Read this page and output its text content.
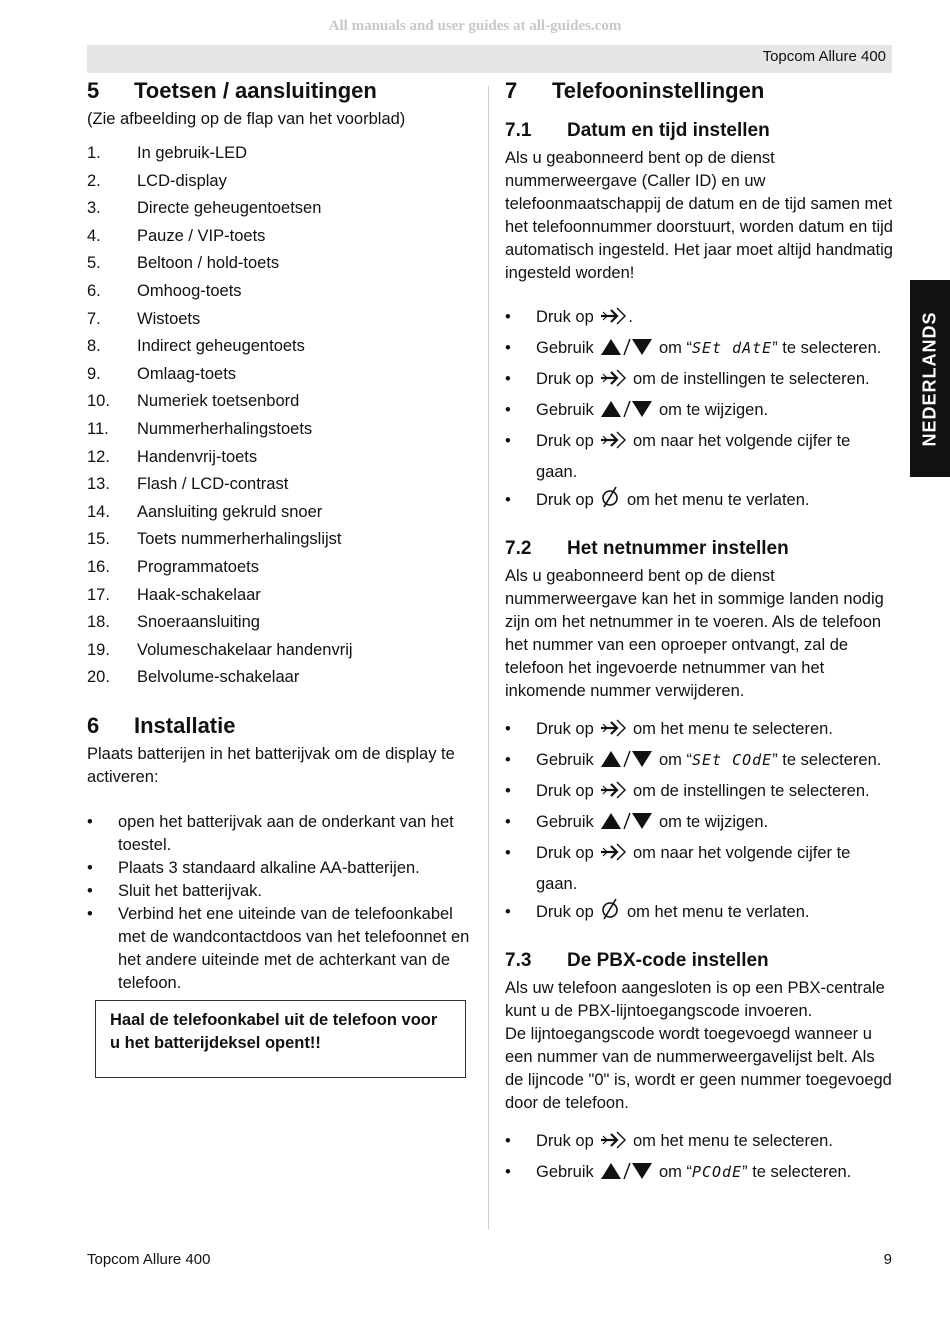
All manuals and user guides at all-guides.com
Topcom Allure 400
5 Toetsen / aansluitingen
(Zie afbeelding op de flap van het voorblad)
1. In gebruik-LED
2. LCD-display
3. Directe geheugentoetsen
4. Pauze / VIP-toets
5. Beltoon / hold-toets
6. Omhoog-toets
7. Wistoets
8. Indirect geheugentoets
9. Omlaag-toets
10. Numeriek toetsenbord
11. Nummerherhalingstoets
12. Handenvrij-toets
13. Flash / LCD-contrast
14. Aansluiting gekruld snoer
15. Toets nummerherhalingslijst
16. Programmatoets
17. Haak-schakelaar
18. Snoeraansluiting
19. Volumeschakelaar handenvrij
20. Belvolume-schakelaar
6 Installatie
Plaats batterijen in het batterijvak om de display te activeren:
• open het batterijvak aan de onderkant van het toestel.
• Plaats 3 standaard alkaline AA-batterijen.
• Sluit het batterijvak.
• Verbind het ene uiteinde van de telefoonkabel met de wandcontactdoos van het telefoonnet en het andere uiteinde met de achterkant van de telefoon.
Haal de telefoonkabel uit de telefoon voor u het batterijdeksel opent!!
7 Telefooninstellingen
7.1 Datum en tijd instellen
Als u geabonneerd bent op de dienst nummerweergave (Caller ID) en uw telefoonmaatschappij de datum en de tijd samen met het telefoonnummer doorstuurt, worden datum en tijd automatisch ingesteld. Het jaar moet altijd handmatig ingesteld worden!
• Druk op .
• Gebruik	om “SEt dAtE” te selecteren.
• Druk op om de instellingen te selecteren.
• Gebruik	om te wijzigen.
• Druk op om naar het volgende cijfer te gaan.
• Druk op om het menu te verlaten.
7.2 Het netnummer instellen
Als u geabonneerd bent op de dienst nummerweergave kan het in sommige landen nodig zijn om het netnummer in te voeren. Als de telefoon het nummer van een oproeper ontvangt, zal de telefoon het ingevoerde netnummer van het inkomende nummer verwijderen.
• Druk op om het menu te selecteren.
• Gebruik	om “SEt COdE” te selecteren.
• Druk op om de instellingen te selecteren.
• Gebruik	om te wijzigen.
• Druk op om naar het volgende cijfer te gaan.
• Druk op om het menu te verlaten.
7.3 De PBX-code instellen
Als uw telefoon aangesloten is op een PBX-centrale kunt u de PBX-lijntoegangscode invoeren.
De lijntoegangscode wordt toegevoegd wanneer u een nummer van de nummerweergavelijst belt. Als de lijncode "0" is, wordt er geen nummer toegevoegd door de telefoon.
• Druk op om het menu te selecteren.
• Gebruik	om “PCOdE” te selecteren.
NEDERLANDS
Topcom Allure 400	9
